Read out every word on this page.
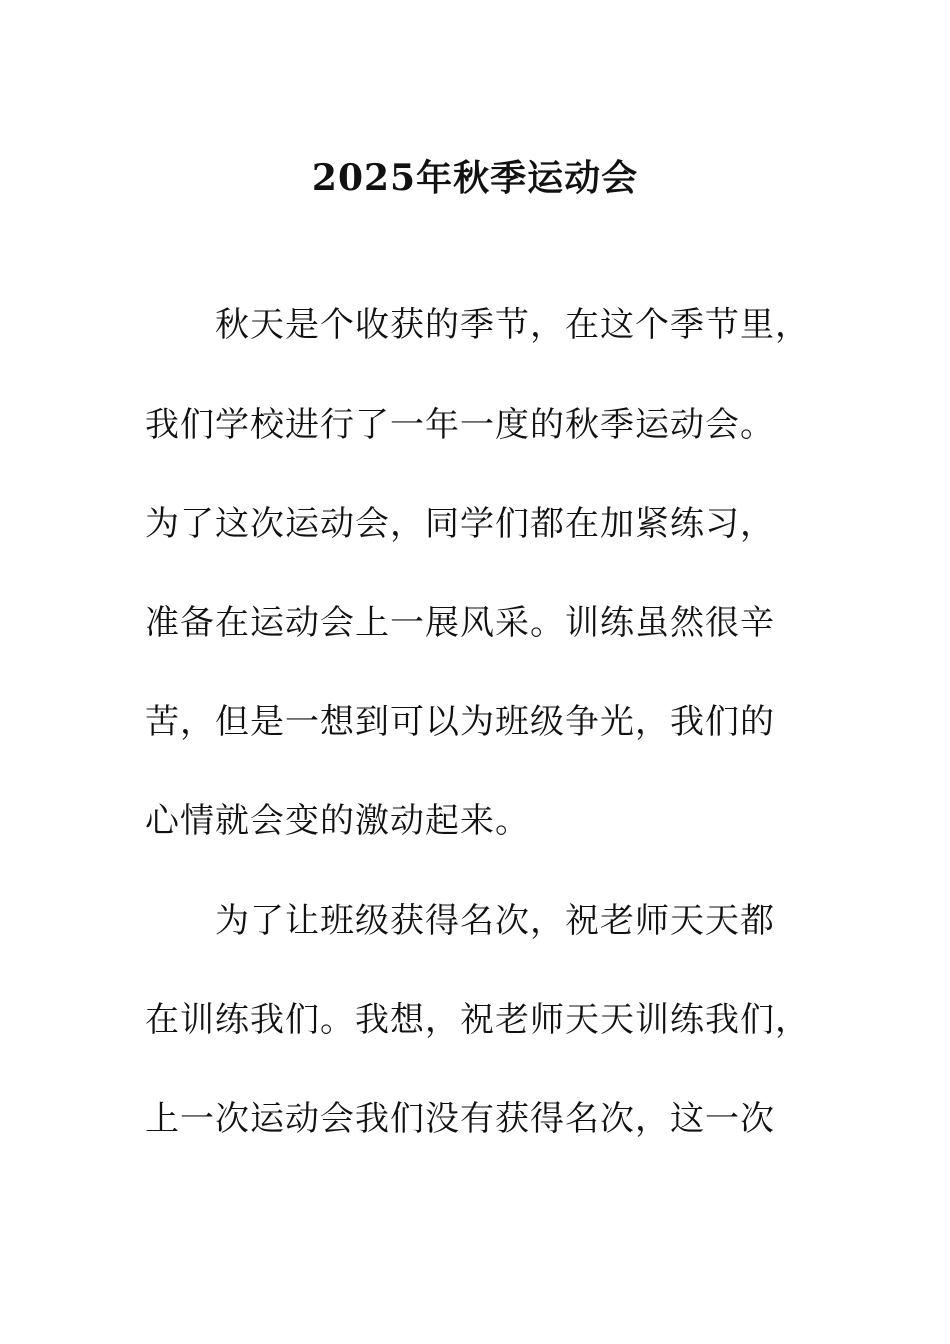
2025年秋季运动会
秋天是个收获的季节，在这个季节里，
我们学校进行了一年一度的秋季运动会。
为了这次运动会，同学们都在加紧练习，
准备在运动会上一展风采。训练虽然很辛
苦，但是一想到可以为班级争光，我们的
心情就会变的激动起来。
为了让班级获得名次，祝老师天天都
在训练我们。我想，祝老师天天训练我们，
上一次运动会我们没有获得名次，这一次
